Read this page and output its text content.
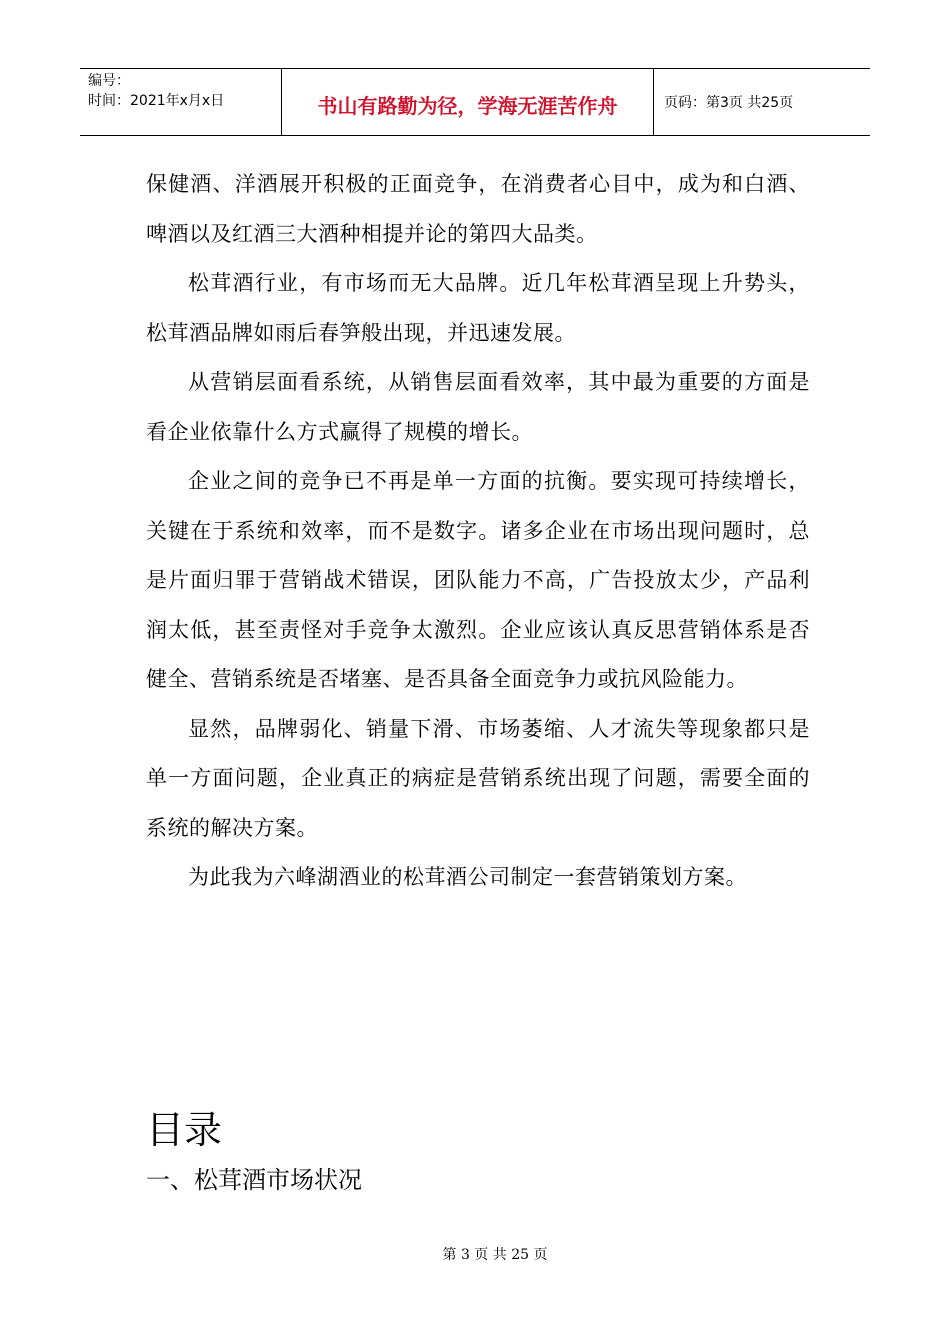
编号：
时间：2021年x月x日	书山有路勤为径，学海无涯苦作舟	页码：第3页 共25页

保健酒、洋酒展开积极的正面竞争，在消费者心目中，成为和白酒、啤酒以及红酒三大酒种相提并论的第四大品类。

松茸酒行业，有市场而无大品牌。近几年松茸酒呈现上升势头，松茸酒品牌如雨后春笋般出现，并迅速发展。

从营销层面看系统，从销售层面看效率，其中最为重要的方面是看企业依靠什么方式赢得了规模的增长。

企业之间的竞争已不再是单一方面的抗衡。要实现可持续增长，关键在于系统和效率，而不是数字。诸多企业在市场出现问题时，总是片面归罪于营销战术错误，团队能力不高，广告投放太少，产品利润太低，甚至责怪对手竞争太激烈。企业应该认真反思营销体系是否健全、营销系统是否堵塞、是否具备全面竞争力或抗风险能力。

显然，品牌弱化、销量下滑、市场萎缩、人才流失等现象都只是单一方面问题，企业真正的病症是营销系统出现了问题，需要全面的系统的解决方案。

为此我为六峰湖酒业的松茸酒公司制定一套营销策划方案。

目录
一、松茸酒市场状况
第 3 页 共 25 页
